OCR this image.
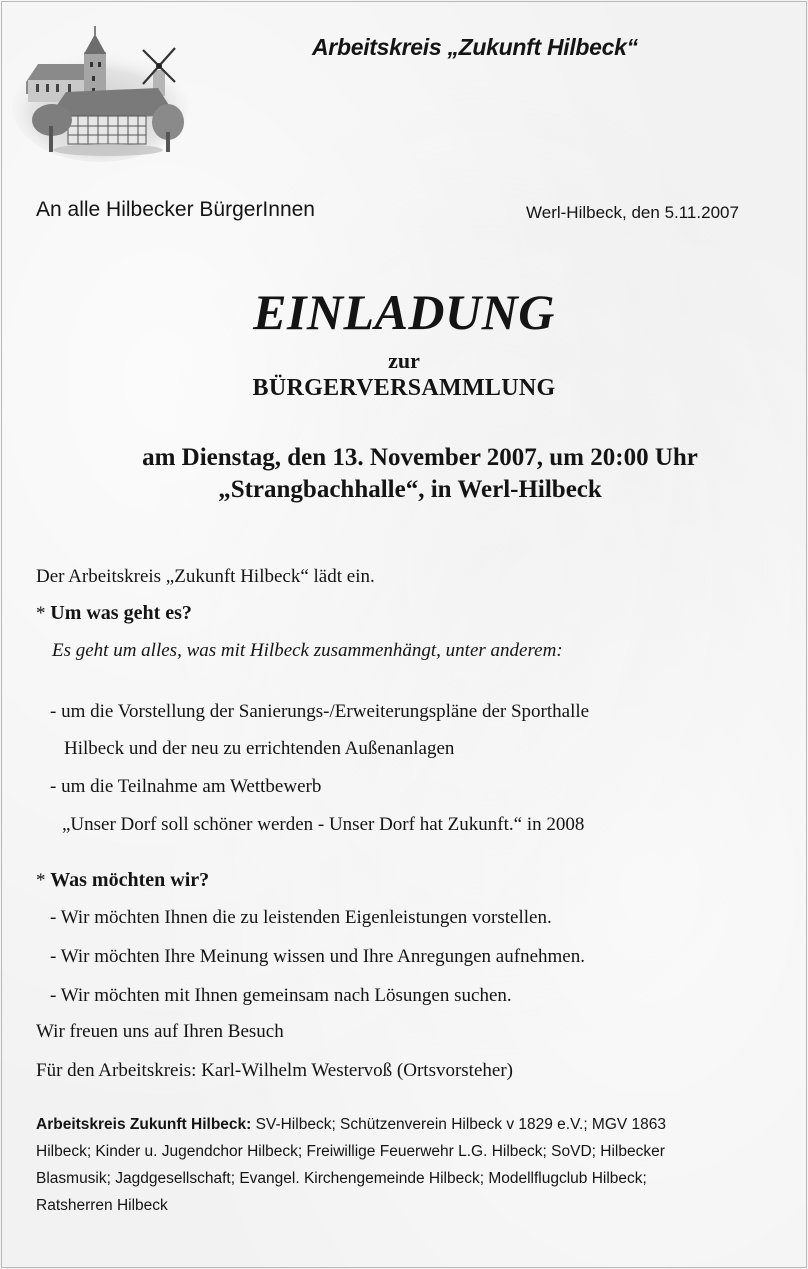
Arbeitskreis „Zukunft Hilbeck“
An alle Hilbecker BürgerInnen	Werl-Hilbeck, den 5.11.2007
EINLADUNG
zur
BÜRGERVERSAMMLUNG
am Dienstag, den 13. November 2007, um 20:00 Uhr
„Strangbachhalle“, in Werl-Hilbeck
Der Arbeitskreis „Zukunft Hilbeck“ lädt ein.
* Um was geht es?
Es geht um alles, was mit Hilbeck zusammenhängt, unter anderem:
- um die Vorstellung der Sanierungs-/Erweiterungspläne der Sporthalle
Hilbeck und der neu zu errichtenden Außenanlagen
- um die Teilnahme am Wettbewerb
„Unser Dorf soll schöner werden - Unser Dorf hat Zukunft.“ in 2008
* Was möchten wir?
- Wir möchten Ihnen die zu leistenden Eigenleistungen vorstellen.
- Wir möchten Ihre Meinung wissen und Ihre Anregungen aufnehmen.
- Wir möchten mit Ihnen gemeinsam nach Lösungen suchen.
Wir freuen uns auf Ihren Besuch
Für den Arbeitskreis: Karl-Wilhelm Westervoß (Ortsvorsteher)
Arbeitskreis Zukunft Hilbeck: SV-Hilbeck; Schützenverein Hilbeck v 1829 e.V.; MGV 1863
Hilbeck; Kinder u. Jugendchor Hilbeck; Freiwillige Feuerwehr L.G. Hilbeck; SoVD; Hilbecker
Blasmusik; Jagdgesellschaft; Evangel. Kirchengemeinde Hilbeck; Modellflugclub Hilbeck;
Ratsherren Hilbeck
